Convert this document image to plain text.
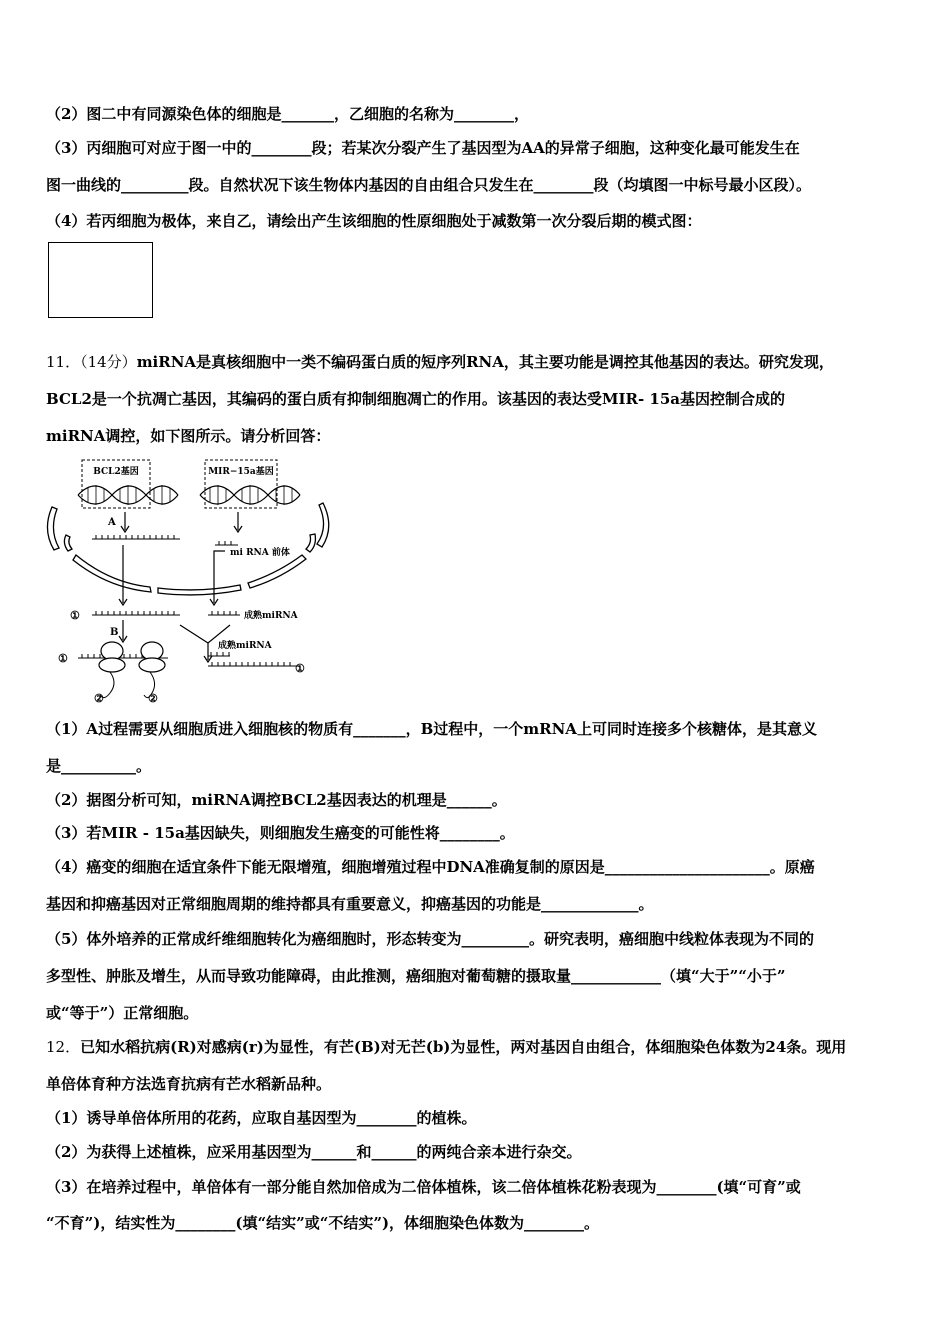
（2）图二中有同源染色体的细胞是_______，乙细胞的名称为________，
（3）丙细胞可对应于图一中的________段；若某次分裂产生了基因型为AA的异常子细胞，这种变化最可能发生在
图一曲线的_________段。自然状况下该生物体内基因的自由组合只发生在________段（均填图一中标号最小区段）。
（4）若丙细胞为极体，来自乙，请绘出产生该细胞的性原细胞处于减数第一次分裂后期的模式图：
11．（14分）miRNA是真核细胞中一类不编码蛋白质的短序列RNA，其主要功能是调控其他基因的表达。研究发现，
BCL2是一个抗凋亡基因，其编码的蛋白质有抑制细胞凋亡的作用。该基因的表达受MIR- 15a基因控制合成的
miRNA调控，如下图所示。请分析回答：
BCL2基因	MIR−15a基因
A
B
mi RNA 前体
成熟miRNA
成熟miRNA
①
①
①
②	②
（1）A过程需要从细胞质进入细胞核的物质有_______，B过程中，一个mRNA上可同时连接多个核糖体，是其意义
是__________。
（2）据图分析可知，miRNA调控BCL2基因表达的机理是______。
（3）若MIR - 15a基因缺失，则细胞发生癌变的可能性将________。
（4）癌变的细胞在适宜条件下能无限增殖，细胞增殖过程中DNA准确复制的原因是______________________。原癌
基因和抑癌基因对正常细胞周期的维持都具有重要意义，抑癌基因的功能是_____________。
（5）体外培养的正常成纤维细胞转化为癌细胞时，形态转变为_________。研究表明，癌细胞中线粒体表现为不同的
多型性、肿胀及增生，从而导致功能障碍，由此推测，癌细胞对葡萄糖的摄取量____________（填“大于”“小于”
或“等于”）正常细胞。
12．已知水稻抗病(R)对感病(r)为显性，有芒(B)对无芒(b)为显性，两对基因自由组合，体细胞染色体数为24条。现用
单倍体育种方法选育抗病有芒水稻新品种。
（1）诱导单倍体所用的花药，应取自基因型为________的植株。
（2）为获得上述植株，应采用基因型为______和______的两纯合亲本进行杂交。
（3）在培养过程中，单倍体有一部分能自然加倍成为二倍体植株，该二倍体植株花粉表现为________(填“可育”或
“不育”)，结实性为________(填“结实”或“不结实”)，体细胞染色体数为________。
